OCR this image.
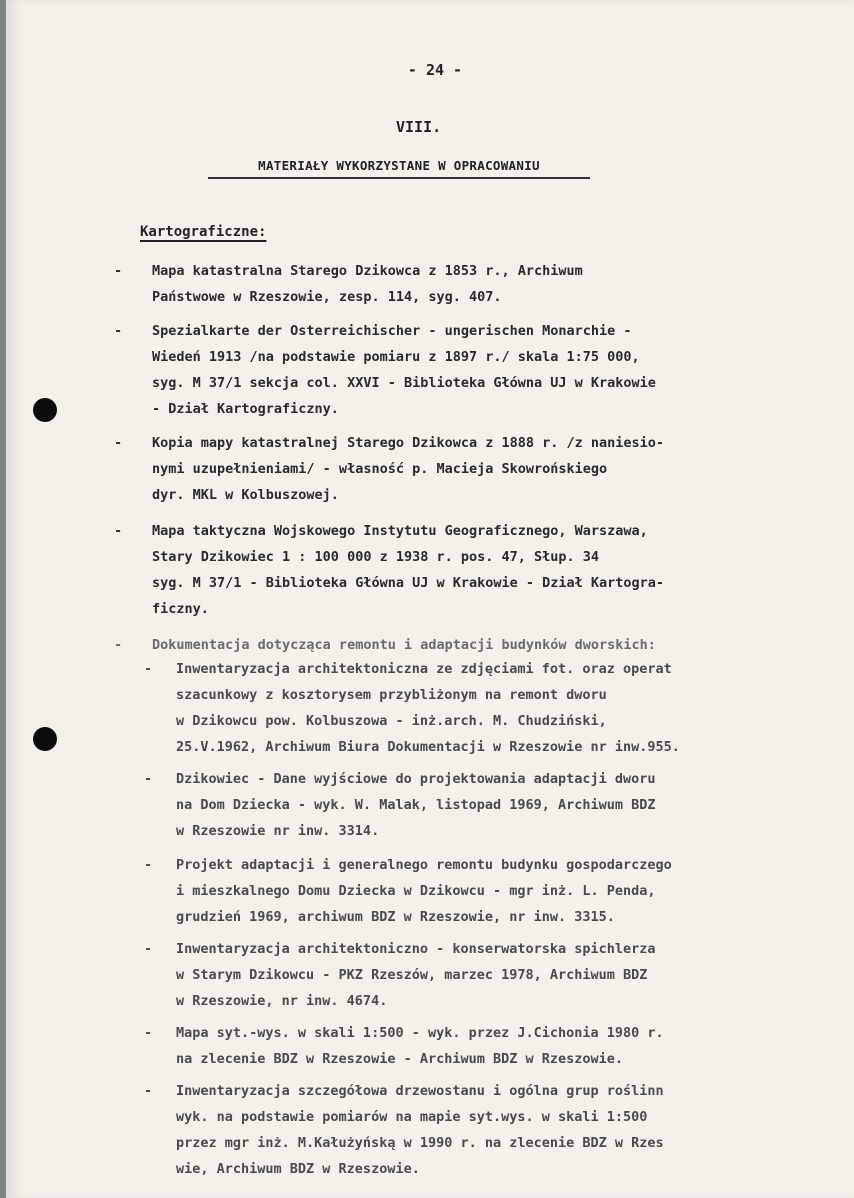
- 24 -
VIII.
MATERIAŁY WYKORZYSTANE W OPRACOWANIU
Kartograficzne:
- Mapa katastralna Starego Dzikowca z 1853 r., Archiwum
Państwowe w Rzeszowie, zesp. 114, syg. 407.
- Spezialkarte der Osterreichischer - ungerischen Monarchie -
Wiedeń 1913 /na podstawie pomiaru z 1897 r./ skala 1:75 000,
syg. M 37/1 sekcja col. XXVI - Biblioteka Główna UJ w Krakowie
- Dział Kartograficzny.
- Kopia mapy katastralnej Starego Dzikowca z 1888 r. /z naniesio-
nymi uzupełnieniami/ - własność p. Macieja Skowrońskiego
dyr. MKL w Kolbuszowej.
- Mapa taktyczna Wojskowego Instytutu Geograficznego, Warszawa,
Stary Dzikowiec 1 : 100 000 z 1938 r. pos. 47, Słup. 34
syg. M 37/1 - Biblioteka Główna UJ w Krakowie - Dział Kartogra-
ficzny.
- Dokumentacja dotycząca remontu i adaptacji budynków dworskich:
- Inwentaryzacja architektoniczna ze zdjęciami fot. oraz operat
szacunkowy z kosztorysem przybliżonym na remont dworu
w Dzikowcu pow. Kolbuszowa - inż.arch. M. Chudziński,
25.V.1962, Archiwum Biura Dokumentacji w Rzeszowie nr inw.955.
- Dzikowiec - Dane wyjściowe do projektowania adaptacji dworu
na Dom Dziecka - wyk. W. Malak, listopad 1969, Archiwum BDZ
w Rzeszowie nr inw. 3314.
- Projekt adaptacji i generalnego remontu budynku gospodarczego
i mieszkalnego Domu Dziecka w Dzikowcu - mgr inż. L. Penda,
grudzień 1969, archiwum BDZ w Rzeszowie, nr inw. 3315.
- Inwentaryzacja architektoniczno - konserwatorska spichlerza
w Starym Dzikowcu - PKZ Rzeszów, marzec 1978, Archiwum BDZ
w Rzeszowie, nr inw. 4674.
- Mapa syt.-wys. w skali 1:500 - wyk. przez J.Cichonia 1980 r.
na zlecenie BDZ w Rzeszowie - Archiwum BDZ w Rzeszowie.
- Inwentaryzacja szczegółowa drzewostanu i ogólna grup roślinn
wyk. na podstawie pomiarów na mapie syt.wys. w skali 1:500
przez mgr inż. M.Kałużyńską w 1990 r. na zlecenie BDZ w Rzes
wie, Archiwum BDZ w Rzeszowie.
